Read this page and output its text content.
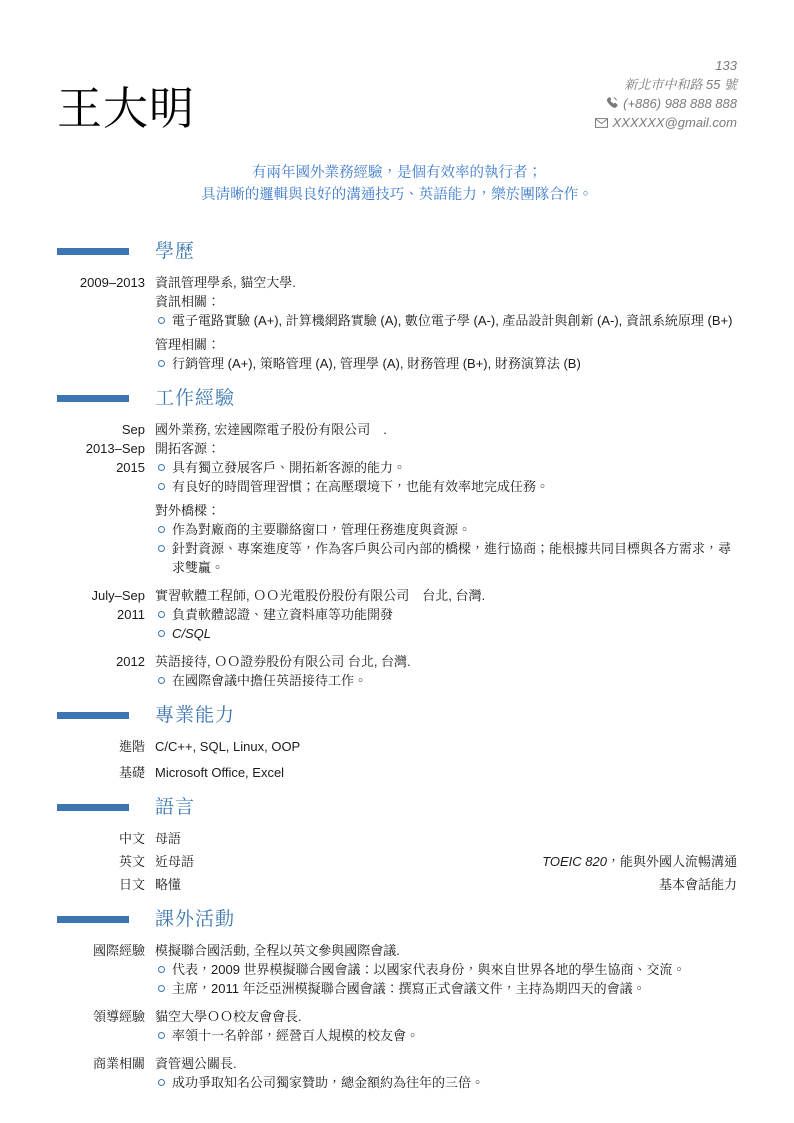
王大明
133
新北市中和路 55 號
(+886) 988 888 888
XXXXXX@gmail.com

有兩年國外業務經驗，是個有效率的執行者；
具清晰的邏輯與良好的溝通技巧、英語能力，樂於團隊合作。

學歷
2009–2013 資訊管理學系, 貓空大學.
資訊相關：
電子電路實驗 (A+), 計算機網路實驗 (A), 數位電子學 (A-), 產品設計與創新 (A-), 資訊系統原理 (B+)
管理相關：
行銷管理 (A+), 策略管理 (A), 管理學 (A), 財務管理 (B+), 財務演算法 (B)
工作經驗
Sep
2013–Sep
2015
國外業務, 宏達國際電子股份有限公司　.
開拓客源：
具有獨立發展客戶、開拓新客源的能力。
有良好的時間管理習慣；在高壓環境下，也能有效率地完成任務。
對外橋樑：
作為對廠商的主要聯絡窗口，管理任務進度與資源。
針對資源、專案進度等，作為客戶與公司內部的橋樑，進行協商；能根據共同目標與各方需求，尋求雙贏。
July–Sep
2011
實習軟體工程師, ＯＯ光電股份股份有限公司　台北, 台灣.
負責軟體認證、建立資料庫等功能開發
C/SQL
2012 英語接待, ＯＯ證券股份有限公司 台北, 台灣.
在國際會議中擔任英語接待工作。
專業能力
進階 C/C++, SQL, Linux, OOP
基礎 Microsoft Office, Excel
語言
中文 母語
英文 近母語	TOEIC 820，能與外國人流暢溝通
日文 略懂	基本會話能力
課外活動
國際經驗 模擬聯合國活動, 全程以英文參與國際會議.
代表，2009 世界模擬聯合國會議：以國家代表身份，與來自世界各地的學生協商、交流。
主席，2011 年泛亞洲模擬聯合國會議：撰寫正式會議文件，主持為期四天的會議。
領導經驗 貓空大學ＯＯ校友會會長.
率領十一名幹部，經營百人規模的校友會。
商業相關 資管週公關長.
成功爭取知名公司獨家贊助，總金額約為往年的三倍。
